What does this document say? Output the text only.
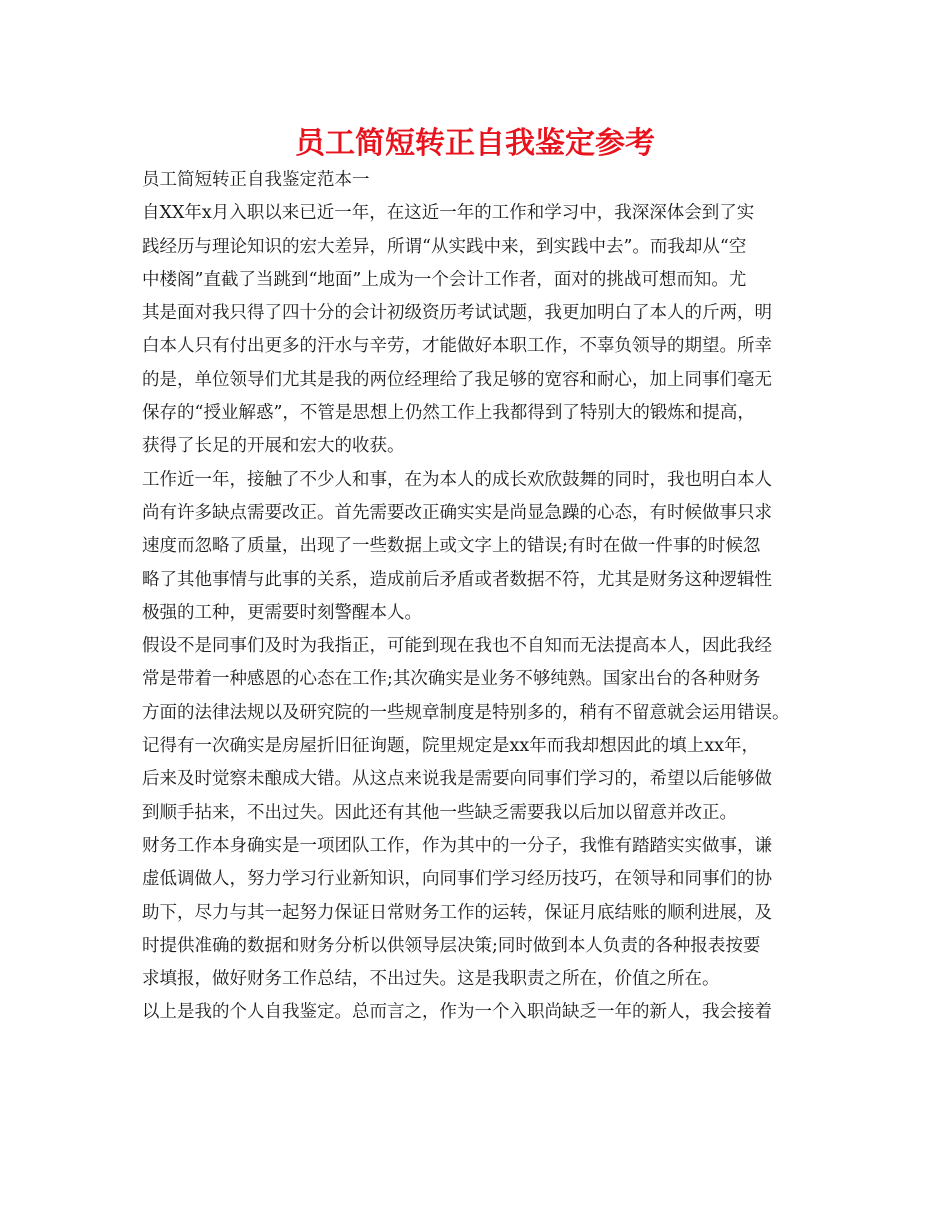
员工简短转正自我鉴定参考
员工简短转正自我鉴定范本一
自XX年x月入职以来已近一年，在这近一年的工作和学习中，我深深体会到了实
践经历与理论知识的宏大差异，所谓“从实践中来，到实践中去”。而我却从“空
中楼阁”直截了当跳到“地面”上成为一个会计工作者，面对的挑战可想而知。尤
其是面对我只得了四十分的会计初级资历考试试题，我更加明白了本人的斤两，明
白本人只有付出更多的汗水与辛劳，才能做好本职工作，不辜负领导的期望。所幸
的是，单位领导们尤其是我的两位经理给了我足够的宽容和耐心，加上同事们毫无
保存的“授业解惑”，不管是思想上仍然工作上我都得到了特别大的锻炼和提高，
获得了长足的开展和宏大的收获。
工作近一年，接触了不少人和事，在为本人的成长欢欣鼓舞的同时，我也明白本人
尚有许多缺点需要改正。首先需要改正确实实是尚显急躁的心态，有时候做事只求
速度而忽略了质量，出现了一些数据上或文字上的错误;有时在做一件事的时候忽
略了其他事情与此事的关系，造成前后矛盾或者数据不符，尤其是财务这种逻辑性
极强的工种，更需要时刻警醒本人。
假设不是同事们及时为我指正，可能到现在我也不自知而无法提高本人，因此我经
常是带着一种感恩的心态在工作;其次确实是业务不够纯熟。国家出台的各种财务
方面的法律法规以及研究院的一些规章制度是特别多的，稍有不留意就会运用错误。
记得有一次确实是房屋折旧征询题，院里规定是xx年而我却想因此的填上xx年，
后来及时觉察未酿成大错。从这点来说我是需要向同事们学习的，希望以后能够做
到顺手拈来，不出过失。因此还有其他一些缺乏需要我以后加以留意并改正。
财务工作本身确实是一项团队工作，作为其中的一分子，我惟有踏踏实实做事，谦
虚低调做人，努力学习行业新知识，向同事们学习经历技巧，在领导和同事们的协
助下，尽力与其一起努力保证日常财务工作的运转，保证月底结账的顺利进展，及
时提供准确的数据和财务分析以供领导层决策;同时做到本人负责的各种报表按要
求填报，做好财务工作总结，不出过失。这是我职责之所在，价值之所在。
以上是我的个人自我鉴定。总而言之，作为一个入职尚缺乏一年的新人，我会接着
